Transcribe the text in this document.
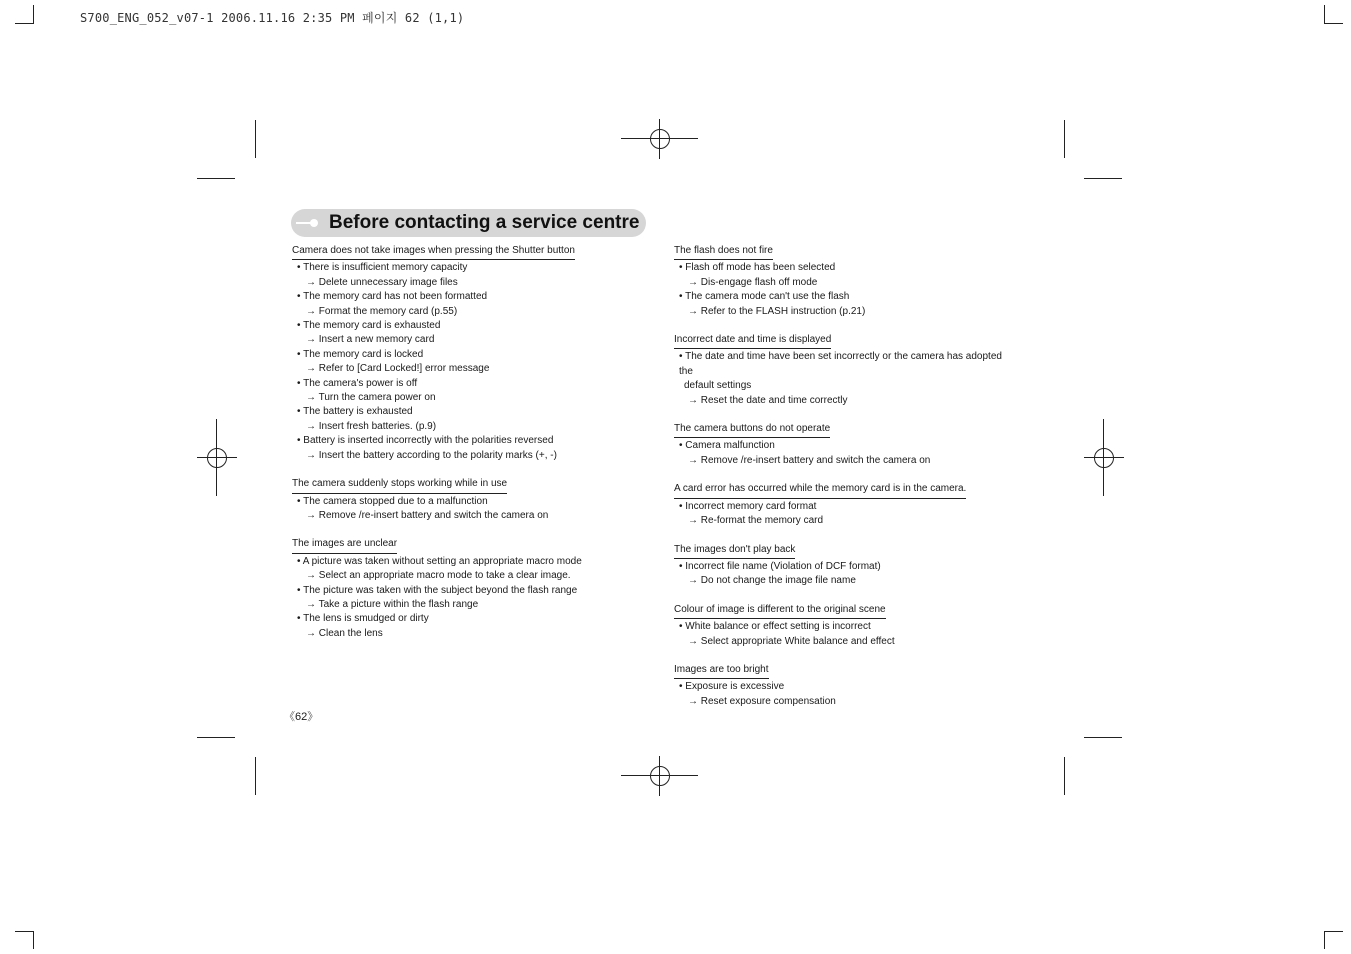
S700_ENG_052_v07-1 2006.11.16 2:35 PM 페이지 62 (1,1)
Before contacting a service centre
Camera does not take images when pressing the Shutter button
• There is insufficient memory capacity
→ Delete unnecessary image files
• The memory card has not been formatted
→ Format the memory card (p.55)
• The memory card is exhausted
→ Insert a new memory card
• The memory card is locked
→ Refer to [Card Locked!] error message
• The camera's power is off
→ Turn the camera power on
• The battery is exhausted
→ Insert fresh batteries. (p.9)
• Battery is inserted incorrectly with the polarities reversed
→ Insert the battery according to the polarity marks (+, -)
The camera suddenly stops working while in use
• The camera stopped due to a malfunction
→ Remove /re-insert battery and switch the camera on
The images are unclear
• A picture was taken without setting an appropriate macro mode
→ Select an appropriate macro mode to take a clear image.
• The picture was taken with the subject beyond the flash range
→ Take a picture within the flash range
• The lens is smudged or dirty
→ Clean the lens
The flash does not fire
• Flash off mode has been selected
→ Dis-engage flash off mode
• The camera mode can't use the flash
→ Refer to the FLASH instruction (p.21)
Incorrect date and time is displayed
• The date and time have been set incorrectly or the camera has adopted the
default settings
→ Reset the date and time correctly
The camera buttons do not operate
• Camera malfunction
→ Remove /re-insert battery and switch the camera on
A card error has occurred while the memory card is in the camera.
• Incorrect memory card format
→ Re-format the memory card
The images don't play back
• Incorrect file name (Violation of DCF format)
→ Do not change the image file name
Colour of image is different to the original scene
• White balance or effect setting is incorrect
→ Select appropriate White balance and effect
Images are too bright
• Exposure is excessive
→ Reset exposure compensation
《62》
